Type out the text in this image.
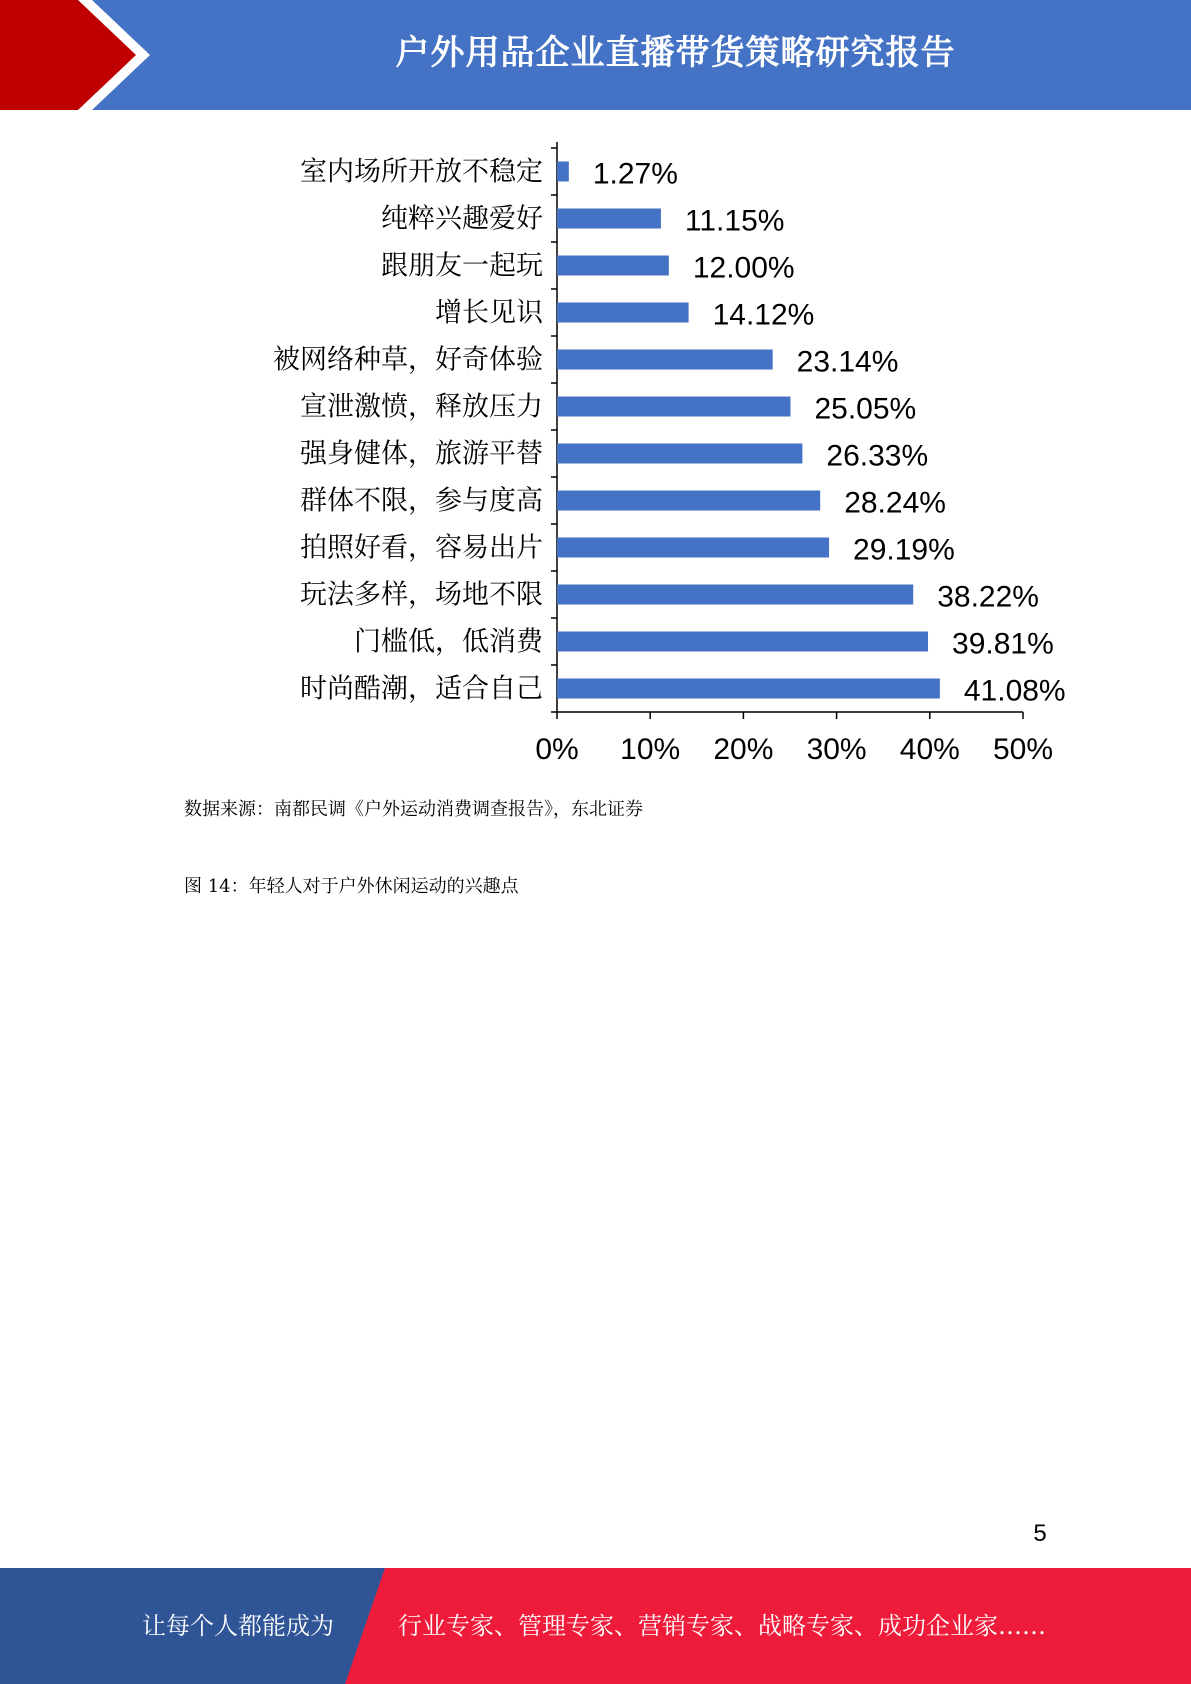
户外用品企业直播带货策略研究报告
0% 10% 20% 30% 40% 50%
室内场所开放不稳定 1.27%
纯粹兴趣爱好	11.15%
跟朋友一起玩	12.00%
增长见识	14.12%
被网络种草，好奇体验	23.14%
宣泄激愤，释放压力	25.05%
强身健体，旅游平替	26.33%
群体不限，参与度高	28.24%
拍照好看，容易出片	29.19%
玩法多样，场地不限	38.22%
门槛低，低消费	39.81%
时尚酷潮，适合自己	41.08%
数据来源：南都民调《户外运动消费调查报告》，东北证券
图 14：年轻人对于户外休闲运动的兴趣点
5
让每个人都能成为	行业专家、管理专家、营销专家、战略专家、成功企业家……
